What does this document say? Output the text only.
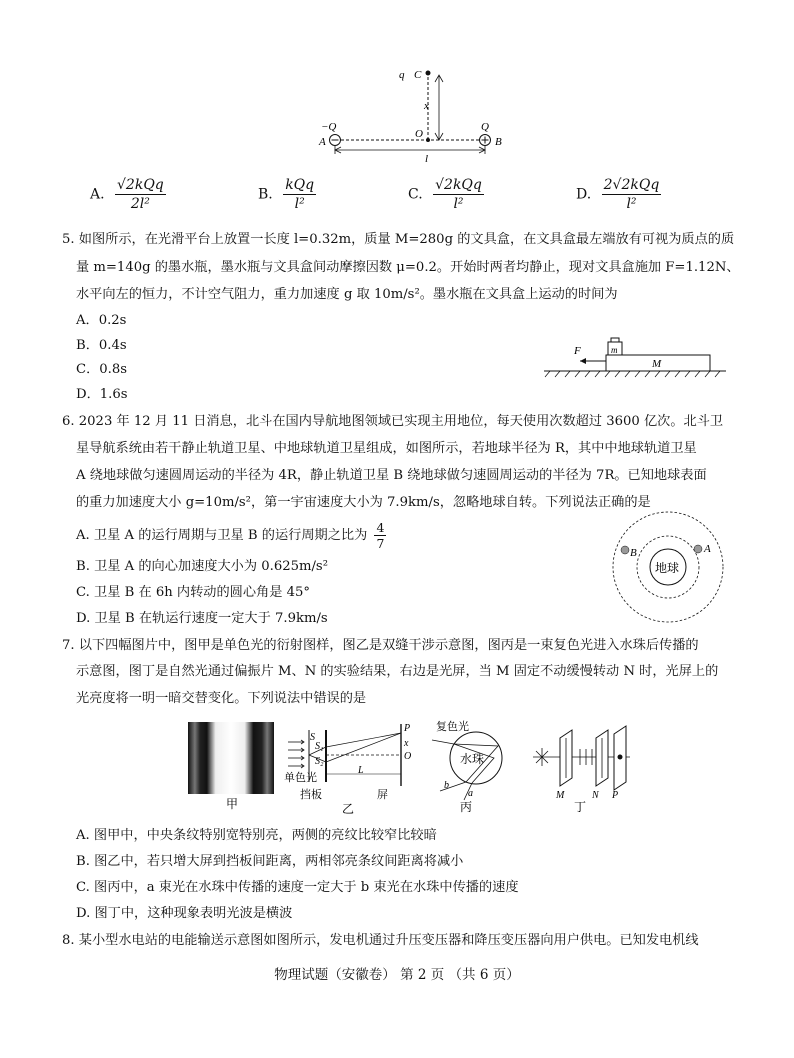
q C
x
−Q
A
O
Q
B
l
A. $\frac{\text{√2kQq}}{\text{2l²}}$	B. $\frac{\text{kQq}}{\text{l²}}$	C. $\frac{\text{√2kQq}}{\text{l²}}$	D. $\frac{\text{2√2kQq}}{\text{l²}}$
5. 如图所示，在光滑平台上放置一长度 l=0.32m，质量 M=280g 的文具盒，在文具盒最左端放有可视为质点的质
量 m=140g 的墨水瓶，墨水瓶与文具盒间动摩擦因数 μ=0.2。开始时两者均静止，现对文具盒施加 F=1.12N、
水平向左的恒力，不计空气阻力，重力加速度 g 取 10m/s²。墨水瓶在文具盒上运动的时间为
A．0.2s
B．0.4s
C．0.8s
D．1.6s
m
M
F
6. 2023 年 12 月 11 日消息，北斗在国内导航地图领域已实现主用地位，每天使用次数超过 3600 亿次。北斗卫
星导航系统由若干静止轨道卫星、中地球轨道卫星组成，如图所示，若地球半径为 R，其中中地球轨道卫星
A 绕地球做匀速圆周运动的半径为 4R，静止轨道卫星 B 绕地球做匀速圆周运动的半径为 7R。已知地球表面
的重力加速度大小 g=10m/s²，第一宇宙速度大小为 7.9km/s，忽略地球自转。下列说法正确的是
A. 卫星 A 的运行周期与卫星 B 的运行周期之比为 $\frac{4}{7}$
B. 卫星 A 的向心加速度大小为 0.625m/s²
C. 卫星 B 在 6h 内转动的圆心角是 45°
D. 卫星 B 在轨运行速度一定大于 7.9km/s
地球
A
B
7. 以下四幅图片中，图甲是单色光的衍射图样，图乙是双缝干涉示意图，图丙是一束复色光进入水珠后传播的
示意图，图丁是自然光通过偏振片 M、N 的实验结果，右边是光屏，当 M 固定不动缓慢转动 N 时，光屏上的
光亮度将一明一暗交替变化。下列说法中错误的是
甲
S
S₁
S₂
P
x
O
L
单色光
挡板	屏
乙
复色光
水珠
b
a
丙
M	N P
丁
A. 图甲中，中央条纹特别宽特别亮，两侧的亮纹比较窄比较暗
B. 图乙中，若只增大屏到挡板间距离，两相邻亮条纹间距离将减小
C. 图丙中，a 束光在水珠中传播的速度一定大于 b 束光在水珠中传播的速度
D. 图丁中，这种现象表明光波是横波
8. 某小型水电站的电能输送示意图如图所示，发电机通过升压变压器和降压变压器向用户供电。已知发电机线
物理试题（安徽卷） 第 2 页 （共 6 页）
